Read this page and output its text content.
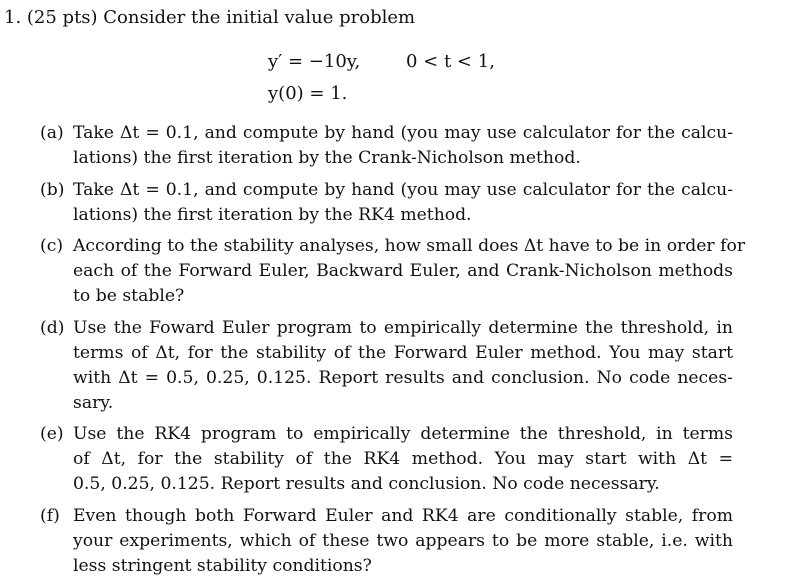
1. (25 pts) Consider the initial value problem
y′ = −10y,	0 < t < 1,
y(0) = 1.
(a) Take Δt = 0.1, and compute by hand (you may use calculator for the calcu-
lations) the first iteration by the Crank-Nicholson method.
(b) Take Δt = 0.1, and compute by hand (you may use calculator for the calcu-
lations) the first iteration by the RK4 method.
(c) According to the stability analyses, how small does Δt have to be in order for
each of the Forward Euler, Backward Euler, and Crank-Nicholson methods
to be stable?
(d) Use the Foward Euler program to empirically determine the threshold, in
terms of Δt, for the stability of the Forward Euler method. You may start
with Δt = 0.5, 0.25, 0.125. Report results and conclusion. No code neces-
sary.
(e) Use the RK4 program to empirically determine the threshold, in terms
of Δt, for the stability of the RK4 method. You may start with Δt =
0.5, 0.25, 0.125. Report results and conclusion. No code necessary.
(f) Even though both Forward Euler and RK4 are conditionally stable, from
your experiments, which of these two appears to be more stable, i.e. with
less stringent stability conditions?
